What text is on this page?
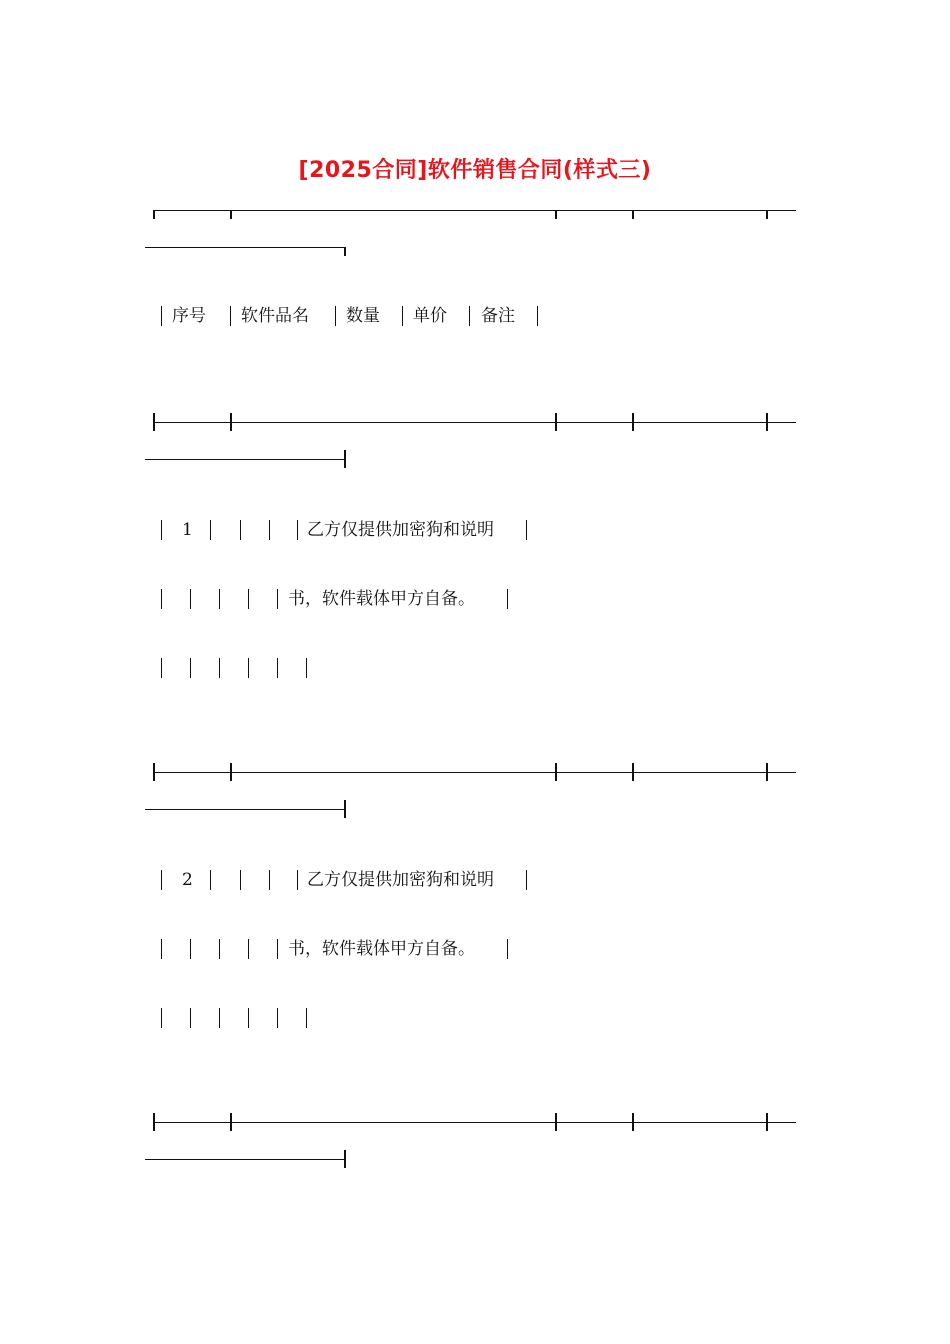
[2025合同]软件销售合同(样式三)
序号 软件品名 数量 单价 备注
1	乙方仅提供加密狗和说明
书，软件载体甲方自备。
2	乙方仅提供加密狗和说明
书，软件载体甲方自备。
